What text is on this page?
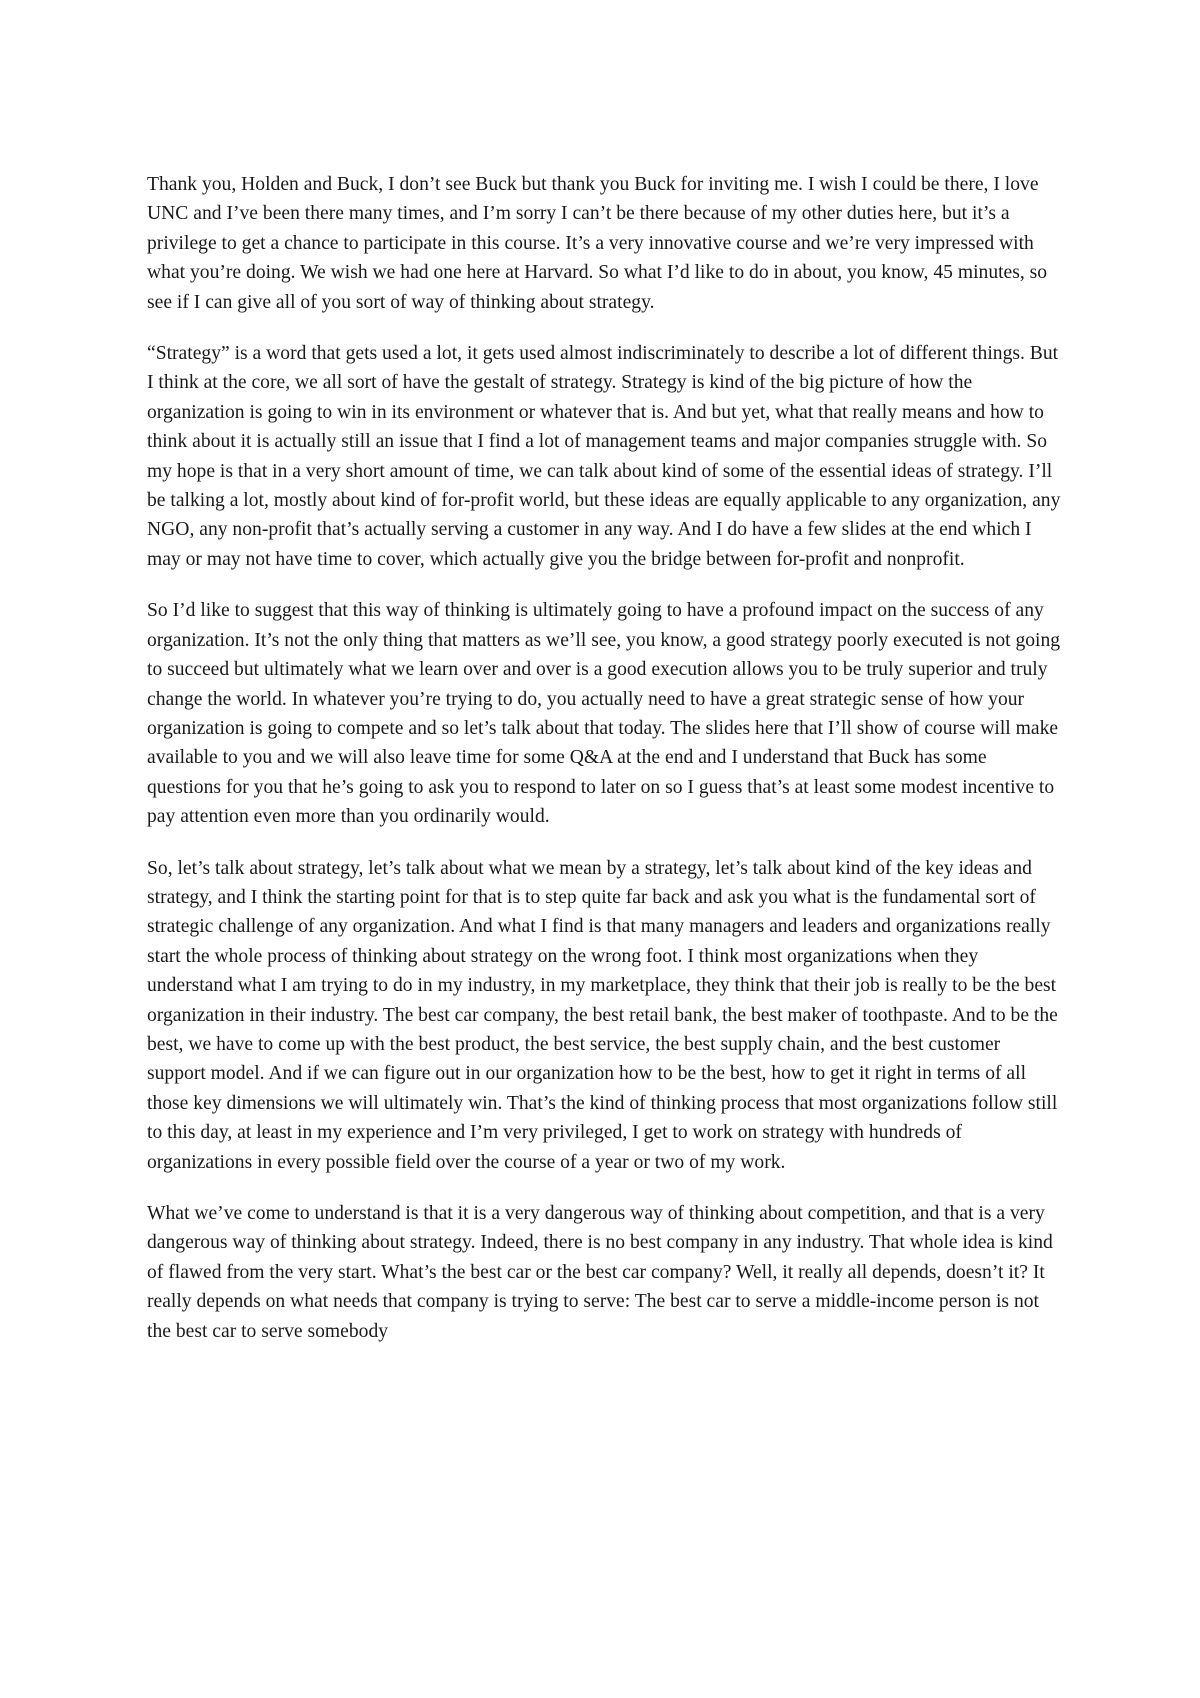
Thank you, Holden and Buck, I don’t see Buck but thank you Buck for inviting me. I wish I could be there, I love UNC and I’ve been there many times, and I’m sorry I can’t be there because of my other duties here, but it’s a privilege to get a chance to participate in this course. It’s a very innovative course and we’re very impressed with what you’re doing. We wish we had one here at Harvard. So what I’d like to do in about, you know, 45 minutes, so see if I can give all of you sort of way of thinking about strategy.

“Strategy” is a word that gets used a lot, it gets used almost indiscriminately to describe a lot of different things. But I think at the core, we all sort of have the gestalt of strategy. Strategy is kind of the big picture of how the organization is going to win in its environment or whatever that is. And but yet, what that really means and how to think about it is actually still an issue that I find a lot of management teams and major companies struggle with. So my hope is that in a very short amount of time, we can talk about kind of some of the essential ideas of strategy. I’ll be talking a lot, mostly about kind of for-profit world, but these ideas are equally applicable to any organization, any NGO, any non-profit that’s actually serving a customer in any way. And I do have a few slides at the end which I may or may not have time to cover, which actually give you the bridge between for-profit and nonprofit.

So I’d like to suggest that this way of thinking is ultimately going to have a profound impact on the success of any organization. It’s not the only thing that matters as we’ll see, you know, a good strategy poorly executed is not going to succeed but ultimately what we learn over and over is a good execution allows you to be truly superior and truly change the world. In whatever you’re trying to do, you actually need to have a great strategic sense of how your organization is going to compete and so let’s talk about that today. The slides here that I’ll show of course will make available to you and we will also leave time for some Q&A at the end and I understand that Buck has some questions for you that he’s going to ask you to respond to later on so I guess that’s at least some modest incentive to pay attention even more than you ordinarily would.

So, let’s talk about strategy, let’s talk about what we mean by a strategy, let’s talk about kind of the key ideas and strategy, and I think the starting point for that is to step quite far back and ask you what is the fundamental sort of strategic challenge of any organization. And what I find is that many managers and leaders and organizations really start the whole process of thinking about strategy on the wrong foot. I think most organizations when they understand what I am trying to do in my industry, in my marketplace, they think that their job is really to be the best organization in their industry. The best car company, the best retail bank, the best maker of toothpaste. And to be the best, we have to come up with the best product, the best service, the best supply chain, and the best customer support model. And if we can figure out in our organization how to be the best, how to get it right in terms of all those key dimensions we will ultimately win. That’s the kind of thinking process that most organizations follow still to this day, at least in my experience and I’m very privileged, I get to work on strategy with hundreds of organizations in every possible field over the course of a year or two of my work.

What we’ve come to understand is that it is a very dangerous way of thinking about competition, and that is a very dangerous way of thinking about strategy. Indeed, there is no best company in any industry. That whole idea is kind of flawed from the very start. What’s the best car or the best car company? Well, it really all depends, doesn’t it? It really depends on what needs that company is trying to serve: The best car to serve a middle-income person is not the best car to serve somebody
